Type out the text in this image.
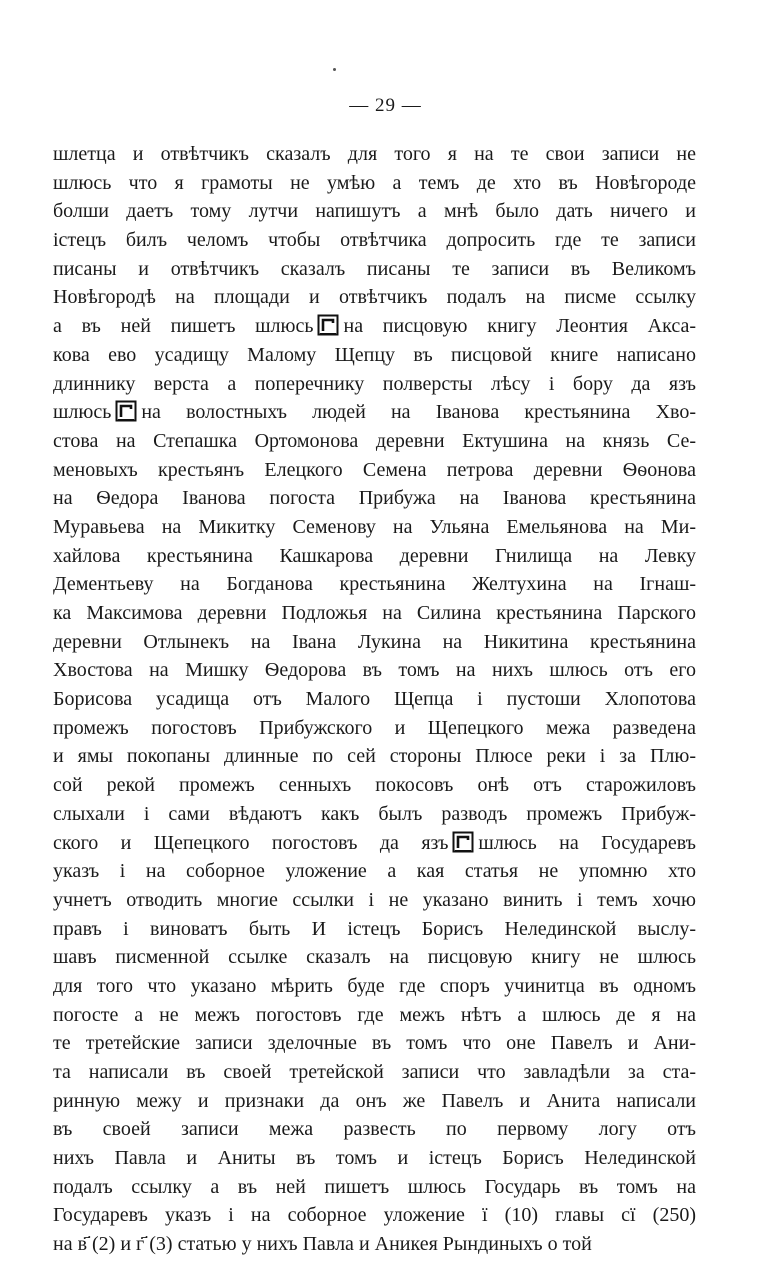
— 29 —
шлетца и отвѣтчикъ сказалъ для того я на те свои записи не
шлюсь что я грамоты не умѣю а темъ де хто въ Новѣгороде
болши даетъ тому лутчи напишутъ а мнѣ было дать ничего и
істецъ билъ челомъ чтобы отвѣтчика допросить где те записи
писаны и отвѣтчикъ сказалъ писаны те записи въ Великомъ
Новѣгородѣ на площади и отвѣтчикъ подалъ на писме ссылку
а въ ней пишетъ шлюсь на писцовую книгу Леонтия Акса-
кова ево усадищу Малому Щепцу въ писцовой книге написано
длиннику верста а поперечнику полверсты лѣсу і бору да язъ
шлюсь на волостныхъ людей на Іванова крестьянина Хво-
стова на Степашка Ортомонова деревни Ектушина на князь Се-
меновыхъ крестьянъ Елецкого Семена петрова деревни Ѳѳонова
на Ѳедора Іванова погоста Прибужа на Іванова крестьянина
Муравьева на Микитку Семенову на Ульяна Емельянова на Ми-
хайлова крестьянина Кашкарова деревни Гнилища на Левку
Дементьеву на Богданова крестьянина Желтухина на Ігнаш-
ка Максимова деревни Подложья на Силина крестьянина Парского
деревни Отлынекъ на Івана Лукина на Никитина крестьянина
Хвостова на Мишку Ѳедорова въ томъ на нихъ шлюсь отъ его
Борисова усадища отъ Малого Щепца і пустоши Хлопотова
промежъ погостовъ Прибужского и Щепецкого межа разведена
и ямы покопаны длинные по сей стороны Плюсе реки і за Плю-
сой рекой промежъ сенныхъ покосовъ онѣ отъ старожиловъ
слыхали і сами вѣдаютъ какъ былъ разводъ промежъ Прибуж-
ского и Щепецкого погостовъ да язъ шлюсь на Государевъ
указъ і на соборное уложение а кая статья не упомню хто
учнетъ отводить многие ссылки і не указано винить і темъ хочю
правъ і виноватъ быть И істецъ Борисъ Нелединской выслу-
шавъ писменной ссылке сказалъ на писцовую книгу не шлюсь
для того что указано мѣрить буде где споръ учинитца въ одномъ
погосте а не межъ погостовъ где межъ нѣтъ а шлюсь де я на
те третейские записи зделочные въ томъ что оне Павелъ и Ани-
та написали въ своей третейской записи что завладѣли за ста-
ринную межу и признаки да онъ же Павелъ и Анита написали
въ своей записи межа развесть по первому логу отъ
нихъ Павла и Аниты въ томъ и істецъ Борисъ Нелединской
подалъ ссылку а въ ней пишетъ шлюсь Государь въ томъ на
Государевъ указъ і на соборное уложение ї (10) главы сї (250)
на в҃ (2) и г҃ (3) статью у нихъ Павла и Аникея Рындиныхъ о той
